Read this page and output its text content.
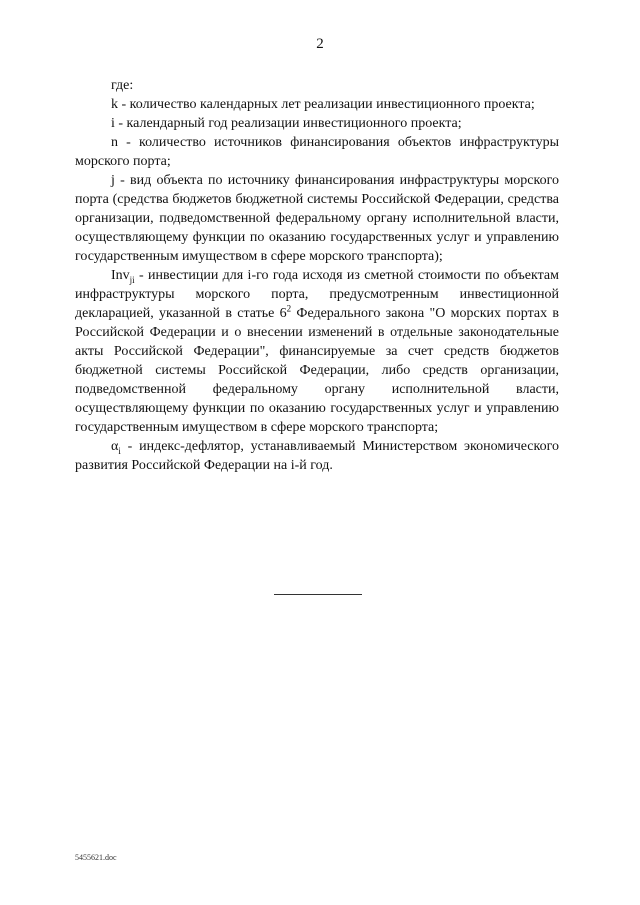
2

где:

k - количество календарных лет реализации инвестиционного проекта;

i - календарный год реализации инвестиционного проекта;

n - количество источников финансирования объектов инфраструктуры морского порта;

j - вид объекта по источнику финансирования инфраструктуры морского порта (средства бюджетов бюджетной системы Российской Федерации, средства организации, подведомственной федеральному органу исполнительной власти, осуществляющему функции по оказанию государственных услуг и управлению государственным имуществом в сфере морского транспорта);

Inv$_{ji}$ - инвестиции для i-го года исходя из сметной стоимости по объектам инфраструктуры морского порта, предусмотренным инвестиционной декларацией, указанной в статье $6^2$ Федерального закона "О морских портах в Российской Федерации и о внесении изменений в отдельные законодательные акты Российской Федерации", финансируемые за счет средств бюджетов бюджетной системы Российской Федерации, либо средств организации, подведомственной федеральному органу исполнительной власти, осуществляющему функции по оказанию государственных услуг и управлению государственным имуществом в сфере морского транспорта;

$\alpha_i$ - индекс-дефлятор, устанавливаемый Министерством экономического развития Российской Федерации на i-й год.

5455621.doc
